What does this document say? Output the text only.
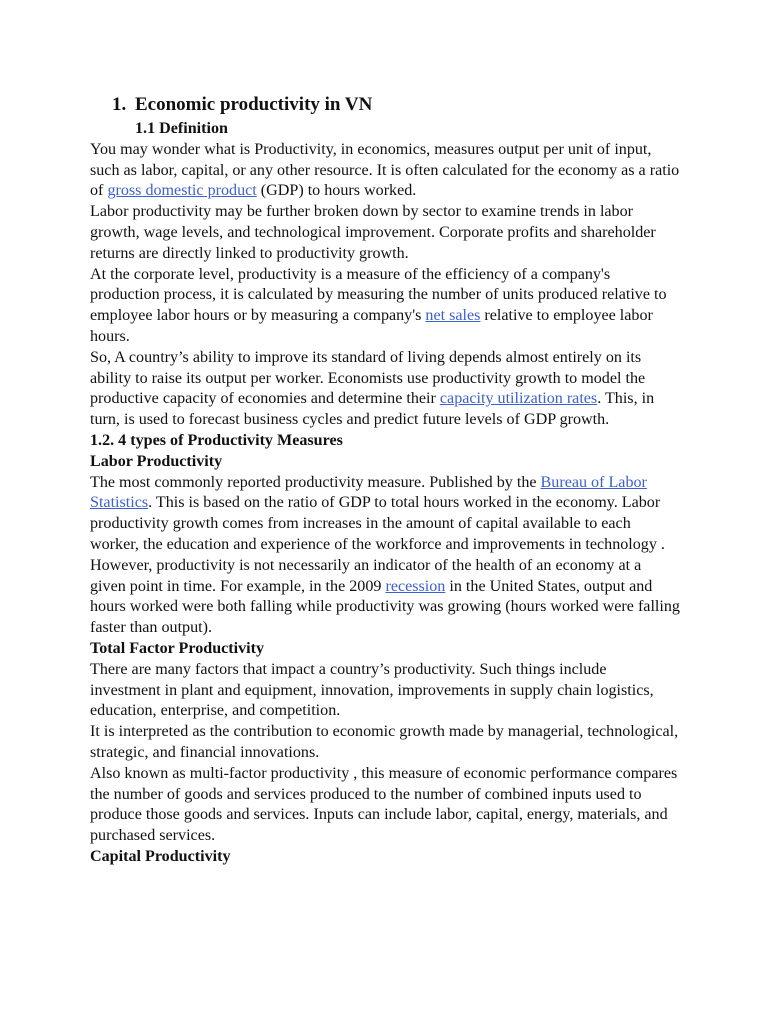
1. Economic productivity in VN
1.1 Definition

You may wonder what is Productivity, in economics, measures output per unit of input, such as labor, capital, or any other resource. It is often calculated for the economy as a ratio of gross domestic product (GDP) to hours worked.

Labor productivity may be further broken down by sector to examine trends in labor growth, wage levels, and technological improvement. Corporate profits and shareholder returns are directly linked to productivity growth.

At the corporate level, productivity is a measure of the efficiency of a company's production process, it is calculated by measuring the number of units produced relative to employee labor hours or by measuring a company's net sales relative to employee labor hours.

So, A country’s ability to improve its standard of living depends almost entirely on its ability to raise its output per worker. Economists use productivity growth to model the productive capacity of economies and determine their capacity utilization rates. This, in turn, is used to forecast business cycles and predict future levels of GDP growth.

1.2. 4 types of Productivity Measures
Labor Productivity

The most commonly reported productivity measure. Published by the Bureau of Labor Statistics. This is based on the ratio of GDP to total hours worked in the economy. Labor productivity growth comes from increases in the amount of capital available to each worker, the education and experience of the workforce and improvements in technology .

However, productivity is not necessarily an indicator of the health of an economy at a given point in time. For example, in the 2009 recession in the United States, output and hours worked were both falling while productivity was growing (hours worked were falling faster than output).

Total Factor Productivity

There are many factors that impact a country’s productivity. Such things include investment in plant and equipment, innovation, improvements in supply chain logistics, education, enterprise, and competition.

It is interpreted as the contribution to economic growth made by managerial, technological, strategic, and financial innovations.

Also known as multi-factor productivity , this measure of economic performance compares the number of goods and services produced to the number of combined inputs used to produce those goods and services. Inputs can include labor, capital, energy, materials, and purchased services.

Capital Productivity
